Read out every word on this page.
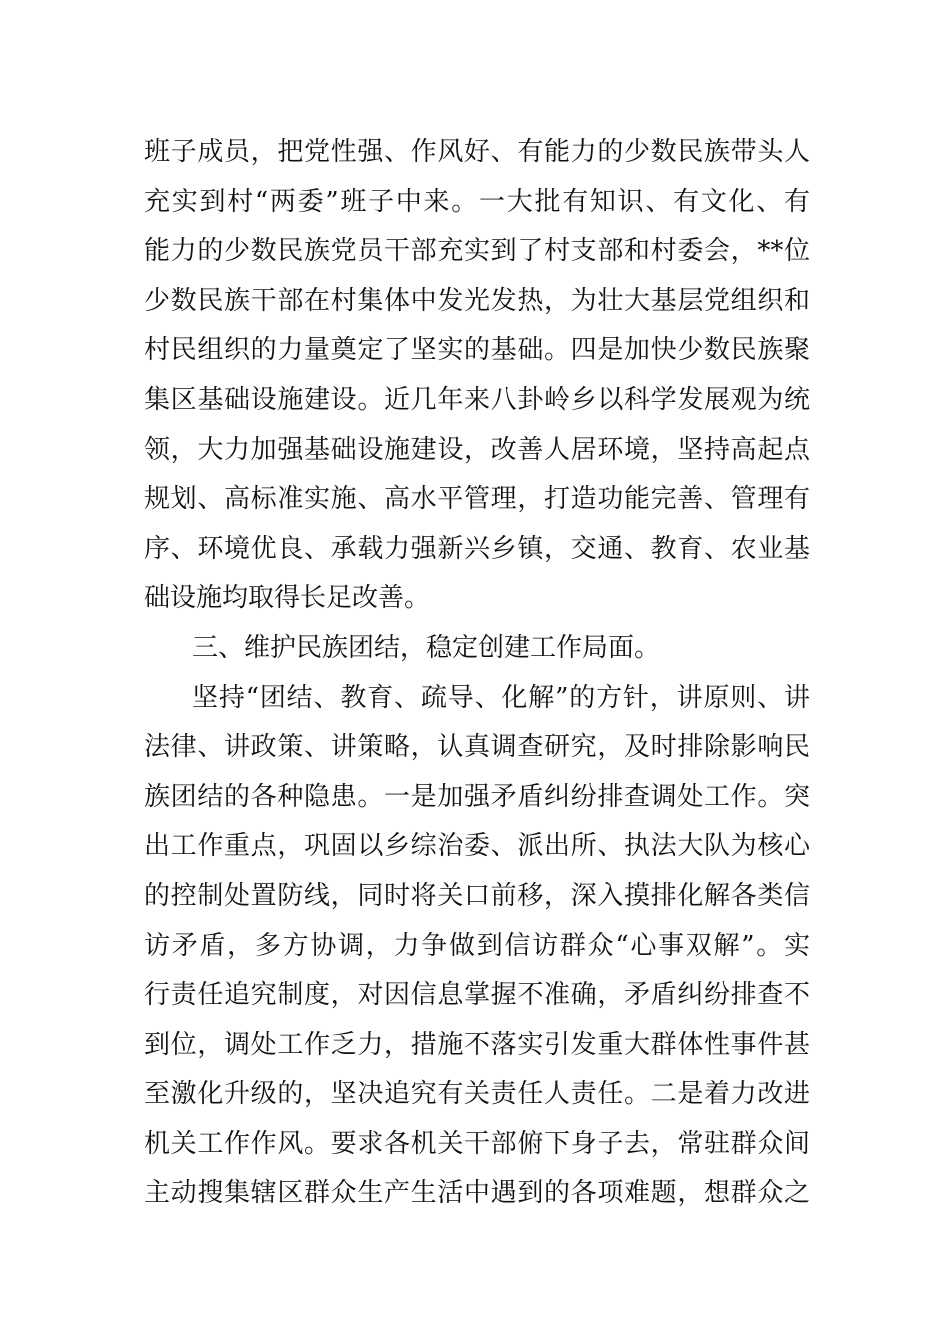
班子成员，把党性强、作风好、有能力的少数民族带头人
充实到村“两委”班子中来。一大批有知识、有文化、有
能力的少数民族党员干部充实到了村支部和村委会，**位
少数民族干部在村集体中发光发热，为壮大基层党组织和
村民组织的力量奠定了坚实的基础。四是加快少数民族聚
集区基础设施建设。近几年来八卦岭乡以科学发展观为统
领，大力加强基础设施建设，改善人居环境，坚持高起点
规划、高标准实施、高水平管理，打造功能完善、管理有
序、环境优良、承载力强新兴乡镇，交通、教育、农业基
础设施均取得长足改善。
三、维护民族团结，稳定创建工作局面。
坚持“团结、教育、疏导、化解”的方针，讲原则、讲
法律、讲政策、讲策略，认真调查研究，及时排除影响民
族团结的各种隐患。一是加强矛盾纠纷排查调处工作。突
出工作重点，巩固以乡综治委、派出所、执法大队为核心
的控制处置防线，同时将关口前移，深入摸排化解各类信
访矛盾，多方协调，力争做到信访群众“心事双解”。实
行责任追究制度，对因信息掌握不准确，矛盾纠纷排查不
到位，调处工作乏力，措施不落实引发重大群体性事件甚
至激化升级的，坚决追究有关责任人责任。二是着力改进
机关工作作风。要求各机关干部俯下身子去，常驻群众间
主动搜集辖区群众生产生活中遇到的各项难题，想群众之
